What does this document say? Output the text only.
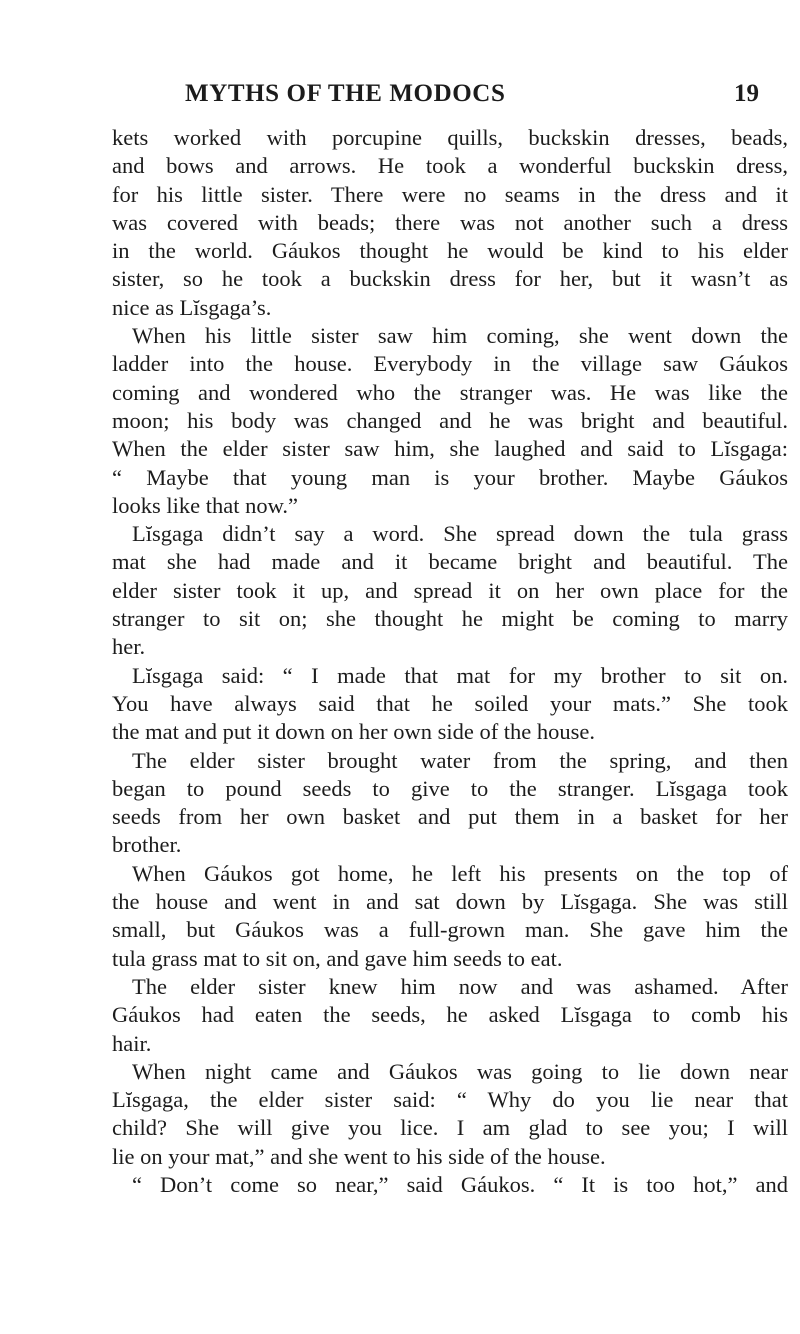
MYTHS OF THE MODOCS	19
kets worked with porcupine quills, buckskin dresses, beads,
and bows and arrows. He took a wonderful buckskin dress,
for his little sister. There were no seams in the dress and it
was covered with beads; there was not another such a dress
in the world. Gáukos thought he would be kind to his elder
sister, so he took a buckskin dress for her, but it wasn’t as
nice as Lĭsgaga’s.
When his little sister saw him coming, she went down the
ladder into the house. Everybody in the village saw Gáukos
coming and wondered who the stranger was. He was like the
moon; his body was changed and he was bright and beautiful.
When the elder sister saw him, she laughed and said to Lĭsgaga:
“ Maybe that young man is your brother. Maybe Gáukos
looks like that now.”
Lĭsgaga didn’t say a word. She spread down the tula grass
mat she had made and it became bright and beautiful. The
elder sister took it up, and spread it on her own place for the
stranger to sit on; she thought he might be coming to marry
her.
Lĭsgaga said: “ I made that mat for my brother to sit on.
You have always said that he soiled your mats.” She took
the mat and put it down on her own side of the house.
The elder sister brought water from the spring, and then
began to pound seeds to give to the stranger. Lĭsgaga took
seeds from her own basket and put them in a basket for her
brother.
When Gáukos got home, he left his presents on the top of
the house and went in and sat down by Lĭsgaga. She was still
small, but Gáukos was a full-grown man. She gave him the
tula grass mat to sit on, and gave him seeds to eat.
The elder sister knew him now and was ashamed. After
Gáukos had eaten the seeds, he asked Lĭsgaga to comb his
hair.
When night came and Gáukos was going to lie down near
Lĭsgaga, the elder sister said: “ Why do you lie near that
child? She will give you lice. I am glad to see you; I will
lie on your mat,” and she went to his side of the house.
“ Don’t come so near,” said Gáukos. “ It is too hot,” and
